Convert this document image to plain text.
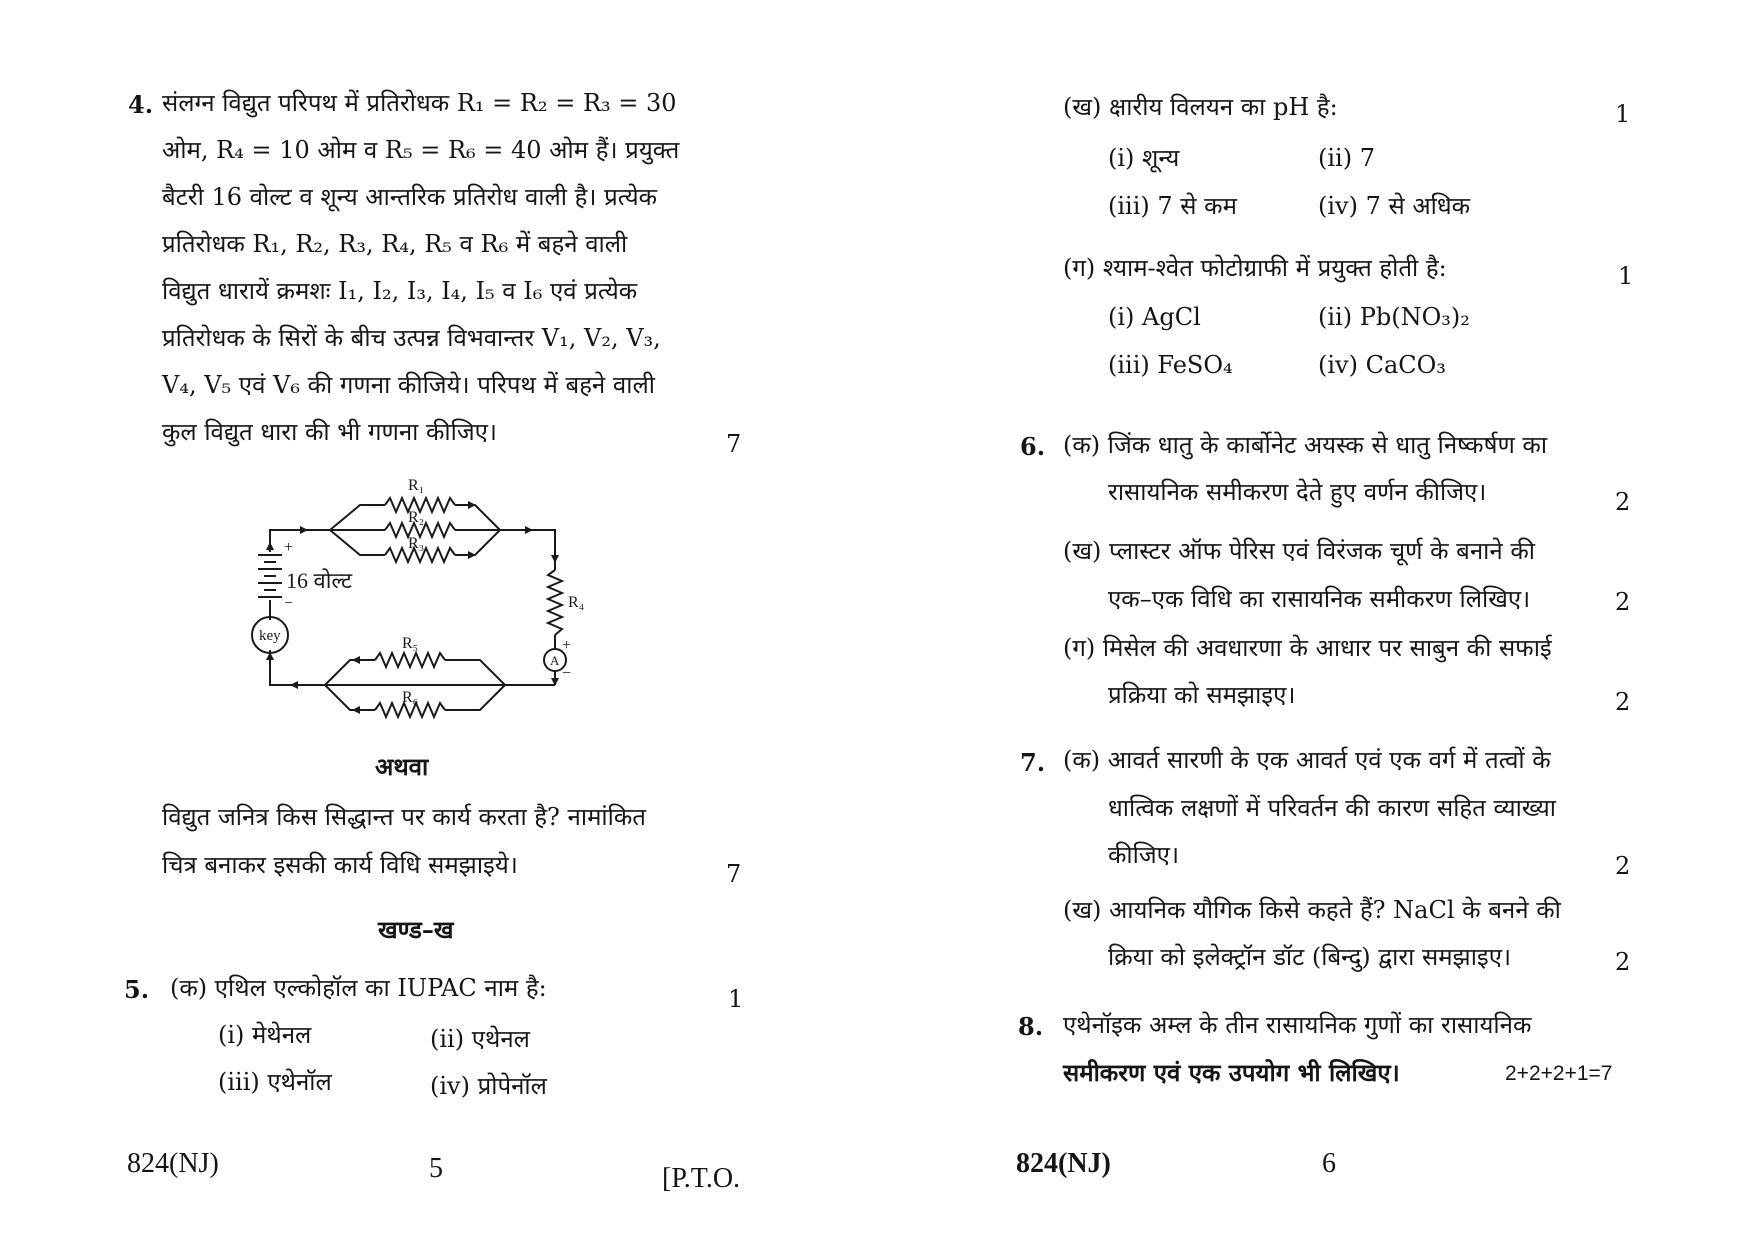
4. संलग्न विद्युत परिपथ में प्रतिरोधक R₁ = R₂ = R₃ = 30
ओम, R₄ = 10 ओम व R₅ = R₆ = 40 ओम हैं। प्रयुक्त
बैटरी 16 वोल्ट व शून्य आन्तरिक प्रतिरोध वाली है। प्रत्येक
प्रतिरोधक R₁, R₂, R₃, R₄, R₅ व R₆ में बहने वाली
विद्युत धारायें क्रमशः I₁, I₂, I₃, I₄, I₅ व I₆ एवं प्रत्येक
प्रतिरोधक के सिरों के बीच उत्पन्न विभवान्तर V₁, V₂, V₃,
V₄, V₅ एवं V₆ की गणना कीजिये। परिपथ में बहने वाली
कुल विद्युत धारा की भी गणना कीजिए।	7
R₁
R₂
R₃
R₄
R₅
R₆
key
A
+
−
+
−
16 वोल्ट
अथवा
विद्युत जनित्र किस सिद्धान्त पर कार्य करता है? नामांकित
चित्र बनाकर इसकी कार्य विधि समझाइये।	7
खण्ड–ख
5. (क) एथिल एल्कोहॉल का IUPAC नाम है:	1
(i) मेथेनल	(ii) एथेनल
(iii) एथेनॉल	(iv) प्रोपेनॉल
824(NJ)	5	[P.T.O.
(ख) क्षारीय विलयन का pH है:	1
(i) शून्य	(ii) 7
(iii) 7 से कम	(iv) 7 से अधिक
(ग) श्याम-श्वेत फोटोग्राफी में प्रयुक्त होती है:	1
(i) AgCl	(ii) Pb(NO₃)₂
(iii) FeSO₄	(iv) CaCO₃
6. (क) जिंक धातु के कार्बोनेट अयस्क से धातु निष्कर्षण का
रासायनिक समीकरण देते हुए वर्णन कीजिए।	2
(ख) प्लास्टर ऑफ पेरिस एवं विरंजक चूर्ण के बनाने की
एक–एक विधि का रासायनिक समीकरण लिखिए।	2
(ग) मिसेल की अवधारणा के आधार पर साबुन की सफाई
प्रक्रिया को समझाइए।	2
7. (क) आवर्त सारणी के एक आवर्त एवं एक वर्ग में तत्वों के
धात्विक लक्षणों में परिवर्तन की कारण सहित व्याख्या
कीजिए।	2
(ख) आयनिक यौगिक किसे कहते हैं? NaCl के बनने की
क्रिया को इलेक्ट्रॉन डॉट (बिन्दु) द्वारा समझाइए।	2
8. एथेनॉइक अम्ल के तीन रासायनिक गुणों का रासायनिक
समीकरण एवं एक उपयोग भी लिखिए।	2+2+2+1=7
824(NJ)	6
